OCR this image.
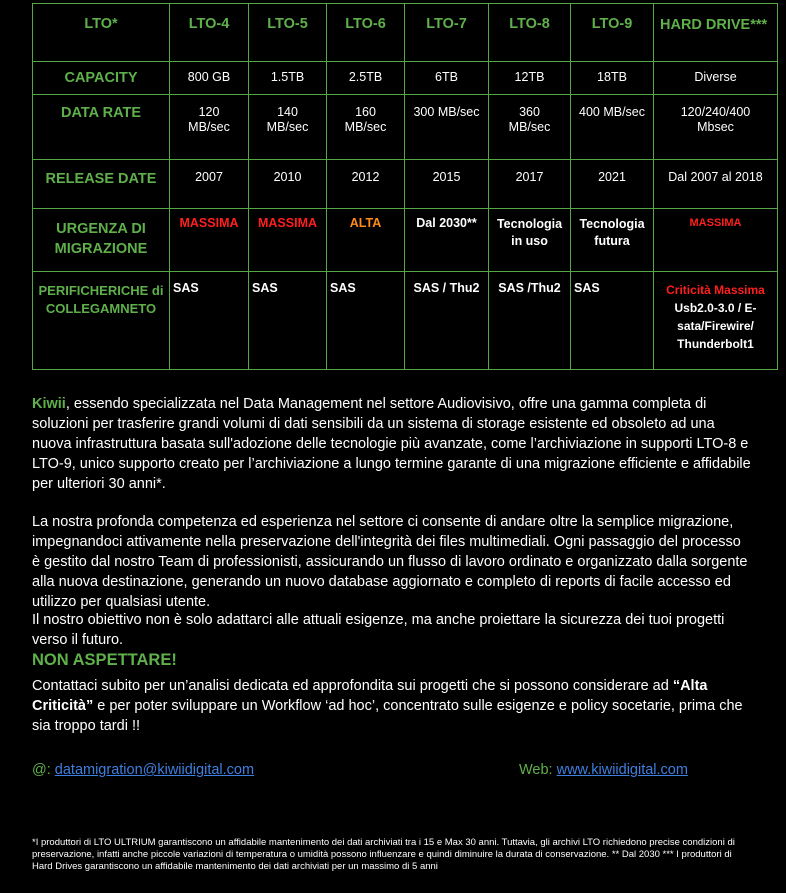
LTO*	LTO-4	LTO-5	LTO-6	LTO-7	LTO-8	LTO-9	HARD DRIVE***
CAPACITY	800 GB	1.5TB	2.5TB	6TB	12TB	18TB	Diverse
DATA RATE	120 MB/sec	140 MB/sec	160 MB/sec	300 MB/sec	360 MB/sec	400 MB/sec	120/240/400 Mbsec
RELEASE DATE	2007	2010	2012	2015	2017	2021	Dal 2007 al 2018
URGENZA DI MIGRAZIONE	MASSIMA	MASSIMA	ALTA	Dal 2030**	Tecnologia in uso	Tecnologia futura	MASSIMA
PERIFICHERICHE di COLLEGAMNETO	SAS	SAS	SAS	SAS / Thu2	SAS /Thu2	SAS	Criticità Massima
Usb2.0-3.0 / E-sata/Firewire/ Thunderbolt1
Kiwii, essendo specializzata nel Data Management nel settore Audiovisivo, offre una gamma completa di soluzioni per trasferire grandi volumi di dati sensibili da un sistema di storage esistente ed obsoleto ad una nuova infrastruttura basata sull'adozione delle tecnologie più avanzate, come l’archiviazione in supporti LTO-8 e LTO-9, unico supporto creato per l’archiviazione a lungo termine garante di una migrazione efficiente e affidabile per ulteriori 30 anni*.
La nostra profonda competenza ed esperienza nel settore ci consente di andare oltre la semplice migrazione, impegnandoci attivamente nella preservazione dell'integrità dei files multimediali. Ogni passaggio del processo è gestito dal nostro Team di professionisti, assicurando un flusso di lavoro ordinato e organizzato dalla sorgente alla nuova destinazione, generando un nuovo database aggiornato e completo di reports di facile accesso ed utilizzo per qualsiasi utente.
Il nostro obiettivo non è solo adattarci alle attuali esigenze, ma anche proiettare la sicurezza dei tuoi progetti verso il futuro.
NON ASPETTARE!
Contattaci subito per un’analisi dedicata ed approfondita sui progetti che si possono considerare ad “Alta Criticità” e per poter sviluppare un Workflow ‘ad hoc’, concentrato sulle esigenze e policy socetarie, prima che sia troppo tardi !!
@: datamigration@kiwiidigital.com	Web: www.kiwiidigital.com
*I produttori di LTO ULTRIUM garantiscono un affidabile mantenimento dei dati archiviati tra i 15 e Max 30 anni. Tuttavia, gli archivi LTO richiedono precise condizioni di preservazione, infatti anche piccole variazioni di temperatura o umidità possono influenzare e quindi diminuire la durata di conservazione. ** Dal 2030 *** I produttori di Hard Drives garantiscono un affidabile mantenimento dei dati archiviati per un massimo di 5 anni
